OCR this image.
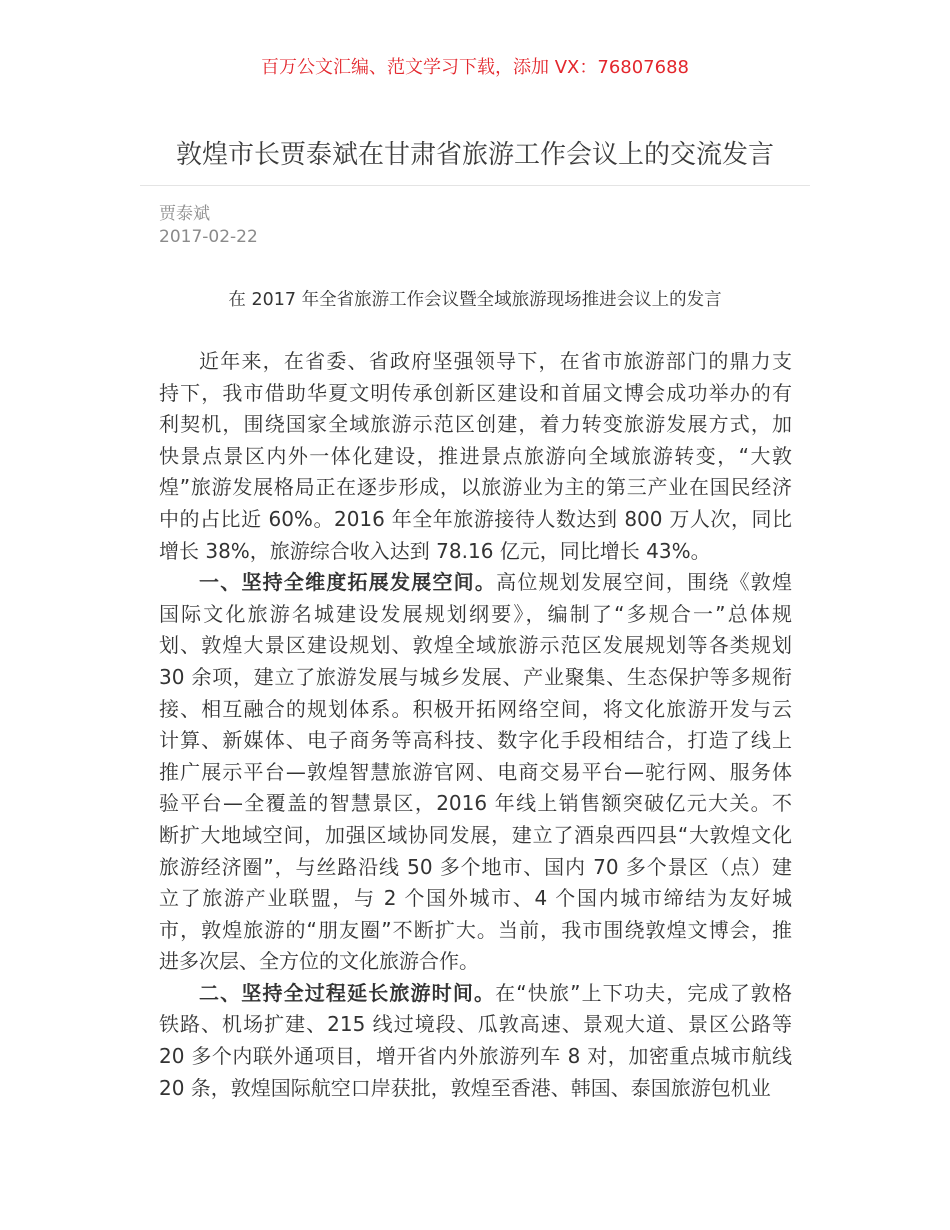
百万公文汇编、范文学习下载，添加 VX：76807688
敦煌市长贾泰斌在甘肃省旅游工作会议上的交流发言
贾泰斌
2017-02-22
在 2017 年全省旅游工作会议暨全域旅游现场推进会议上的发言
近年来，在省委、省政府坚强领导下，在省市旅游部门的鼎力支
持下，我市借助华夏文明传承创新区建设和首届文博会成功举办的有
利契机，围绕国家全域旅游示范区创建，着力转变旅游发展方式，加
快景点景区内外一体化建设，推进景点旅游向全域旅游转变，“大敦
煌”旅游发展格局正在逐步形成，以旅游业为主的第三产业在国民经济
中的占比近 60%。2016 年全年旅游接待人数达到 800 万人次，同比
增长 38%，旅游综合收入达到 78.16 亿元，同比增长 43%。
一、坚持全维度拓展发展空间。高位规划发展空间，围绕《敦煌
国际文化旅游名城建设发展规划纲要》，编制了“多规合一”总体规
划、敦煌大景区建设规划、敦煌全域旅游示范区发展规划等各类规划
30 余项，建立了旅游发展与城乡发展、产业聚集、生态保护等多规衔
接、相互融合的规划体系。积极开拓网络空间，将文化旅游开发与云
计算、新媒体、电子商务等高科技、数字化手段相结合，打造了线上
推广展示平台—敦煌智慧旅游官网、电商交易平台—驼行网、服务体
验平台—全覆盖的智慧景区，2016 年线上销售额突破亿元大关。不
断扩大地域空间，加强区域协同发展，建立了酒泉西四县“大敦煌文化
旅游经济圈”，与丝路沿线 50 多个地市、国内 70 多个景区（点）建
立了旅游产业联盟，与 2 个国外城市、4 个国内城市缔结为友好城
市，敦煌旅游的“朋友圈”不断扩大。当前，我市围绕敦煌文博会，推
进多次层、全方位的文化旅游合作。
二、坚持全过程延长旅游时间。在“快旅”上下功夫，完成了敦格
铁路、机场扩建、215 线过境段、瓜敦高速、景观大道、景区公路等
20 多个内联外通项目，增开省内外旅游列车 8 对，加密重点城市航线
20 条，敦煌国际航空口岸获批，敦煌至香港、韩国、泰国旅游包机业
